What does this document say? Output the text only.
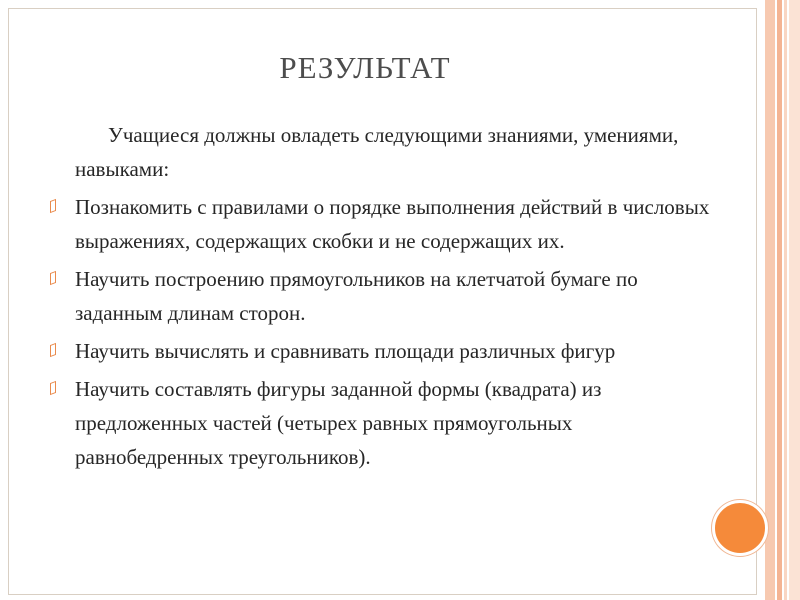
РЕЗУЛЬТАТ

Учащиеся должны овладеть следующими знаниями, умениями, навыками:

Познакомить с правилами о порядке выполнения действий в числовых выражениях, содержащих скобки и не содержащих их.
Научить построению прямоугольников на клетчатой бумаге по заданным длинам сторон.
Научить вычислять и сравнивать площади различных фигур
Научить составлять фигуры заданной формы (квадрата) из предложенных частей (четырех равных прямоугольных равнобедренных треугольников).
